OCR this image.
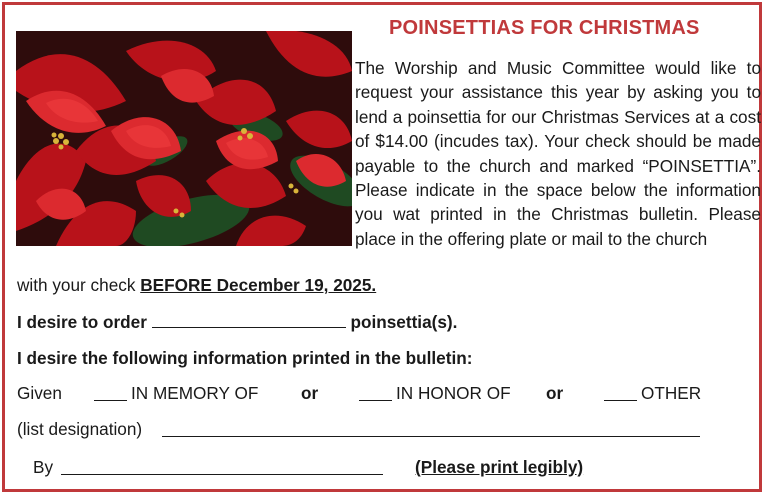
POINSETTIAS FOR CHRISTMAS

The Worship and Music Committee would like to request your assistance this year by asking you to lend a poinsettia for our Christmas Services at a cost of $14.00 (incudes tax). Your check should be made payable to the church and marked “POINSETTIA”. Please indicate in the space below the information you wat printed in the Christmas bulletin. Please place in the offering plate or mail to the church

with your check BEFORE December 19, 2025.

I desire to order	poinsettia(s).

I desire the following information printed in the bulletin:

Given	IN MEMORY OF or	IN HONOR OF or	OTHER
(list designation)
By	(Please print legibly)
